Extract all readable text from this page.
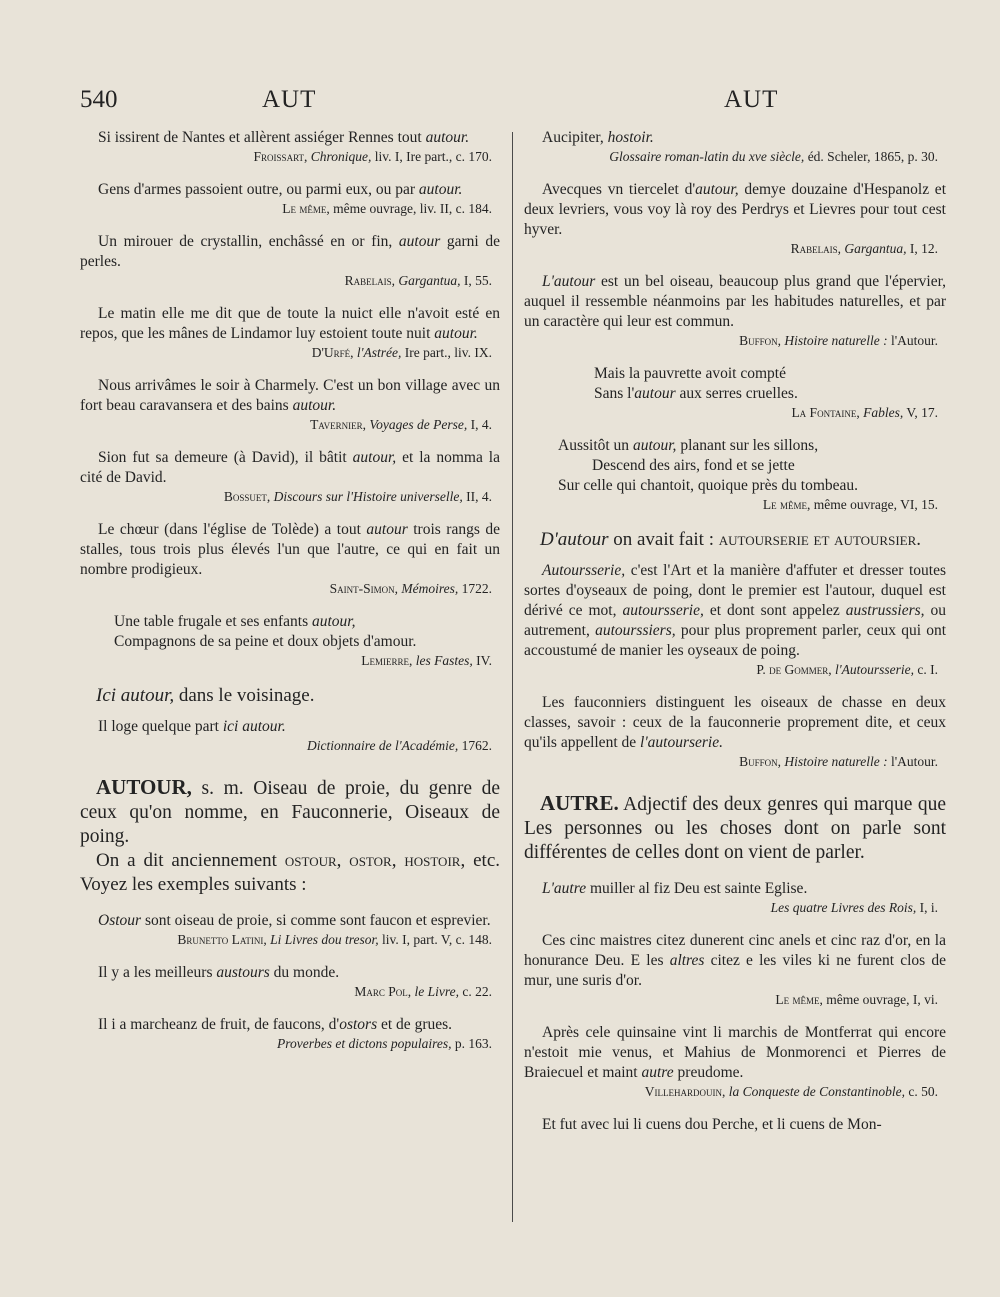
540	AUT	AUT
Si issirent de Nantes et allèrent assiéger Rennes tout autour.
Froissart, Chronique, liv. I, Ire part., c. 170.
Gens d'armes passoient outre, ou parmi eux, ou par autour.
Le même, même ouvrage, liv. II, c. 184.
Un mirouer de crystallin, enchâssé en or fin, autour garni de perles.
Rabelais, Gargantua, I, 55.
Le matin elle me dit que de toute la nuict elle n'avoit esté en repos, que les mânes de Lindamor luy estoient toute nuit autour.
D'Urfé, l'Astrée, Ire part., liv. IX.
Nous arrivâmes le soir à Charmely. C'est un bon village avec un fort beau caravansera et des bains autour.
Tavernier, Voyages de Perse, I, 4.
Sion fut sa demeure (à David), il bâtit autour, et la nomma la cité de David.
Bossuet, Discours sur l'Histoire universelle, II, 4.
Le chœur (dans l'église de Tolède) a tout autour trois rangs de stalles, tous trois plus élevés l'un que l'autre, ce qui en fait un nombre prodigieux.
Saint-Simon, Mémoires, 1722.
Une table frugale et ses enfants autour,
Compagnons de sa peine et doux objets d'amour.
Lemierre, les Fastes, IV.
Ici autour, dans le voisinage.
Il loge quelque part ici autour.
Dictionnaire de l'Académie, 1762.
AUTOUR, s. m. Oiseau de proie, du genre de ceux qu'on nomme, en Fauconnerie, Oiseaux de poing.
On a dit anciennement ostour, ostor, hostoir, etc. Voyez les exemples suivants :
Ostour sont oiseau de proie, si comme sont faucon et esprevier.
Brunetto Latini, Li Livres dou tresor, liv. I, part. V, c. 148.
Il y a les meilleurs austours du monde.
Marc Pol, le Livre, c. 22.
Il i a marcheanz de fruit, de faucons, d'ostors et de grues.
Proverbes et dictons populaires, p. 163.
Aucipiter, hostoir.
Glossaire roman-latin du xve siècle, éd. Scheler, 1865, p. 30.
Avecques vn tiercelet d'autour, demye douzaine d'Hespanolz et deux levriers, vous voy là roy des Perdrys et Lievres pour tout cest hyver.
Rabelais, Gargantua, I, 12.
L'autour est un bel oiseau, beaucoup plus grand que l'épervier, auquel il ressemble néanmoins par les habitudes naturelles, et par un caractère qui leur est commun.
Buffon, Histoire naturelle : l'Autour.
Mais la pauvrette avoit compté
Sans l'autour aux serres cruelles.
La Fontaine, Fables, V, 17.
Aussitôt un autour, planant sur les sillons,
Descend des airs, fond et se jette
Sur celle qui chantoit, quoique près du tombeau.
Le même, même ouvrage, VI, 15.
D'autour on avait fait : autourserie et autoursier.
Autoursserie, c'est l'Art et la manière d'affuter et dresser toutes sortes d'oyseaux de poing, dont le premier est l'autour, duquel est dérivé ce mot, autoursserie, et dont sont appelez austrussiers, ou autrement, autourssiers, pour plus proprement parler, ceux qui ont accoustumé de manier les oyseaux de poing.
P. de Gommer, l'Autoursserie, c. I.
Les fauconniers distinguent les oiseaux de chasse en deux classes, savoir : ceux de la fauconnerie proprement dite, et ceux qu'ils appellent de l'autourserie.
Buffon, Histoire naturelle : l'Autour.
AUTRE. Adjectif des deux genres qui marque que Les personnes ou les choses dont on parle sont différentes de celles dont on vient de parler.
L'autre muiller al fiz Deu est sainte Eglise.
Les quatre Livres des Rois, I, i.
Ces cinc maistres citez dunerent cinc anels et cinc raz d'or, en la honurance Deu. E les altres citez e les viles ki ne furent clos de mur, une suris d'or.
Le même, même ouvrage, I, vi.
Après cele quinsaine vint li marchis de Montferrat qui encore n'estoit mie venus, et Mahius de Monmorenci et Pierres de Braiecuel et maint autre preudome.
Villehardouin, la Conqueste de Constantinoble, c. 50.
Et fut avec lui li cuens dou Perche, et li cuens de Mon-
